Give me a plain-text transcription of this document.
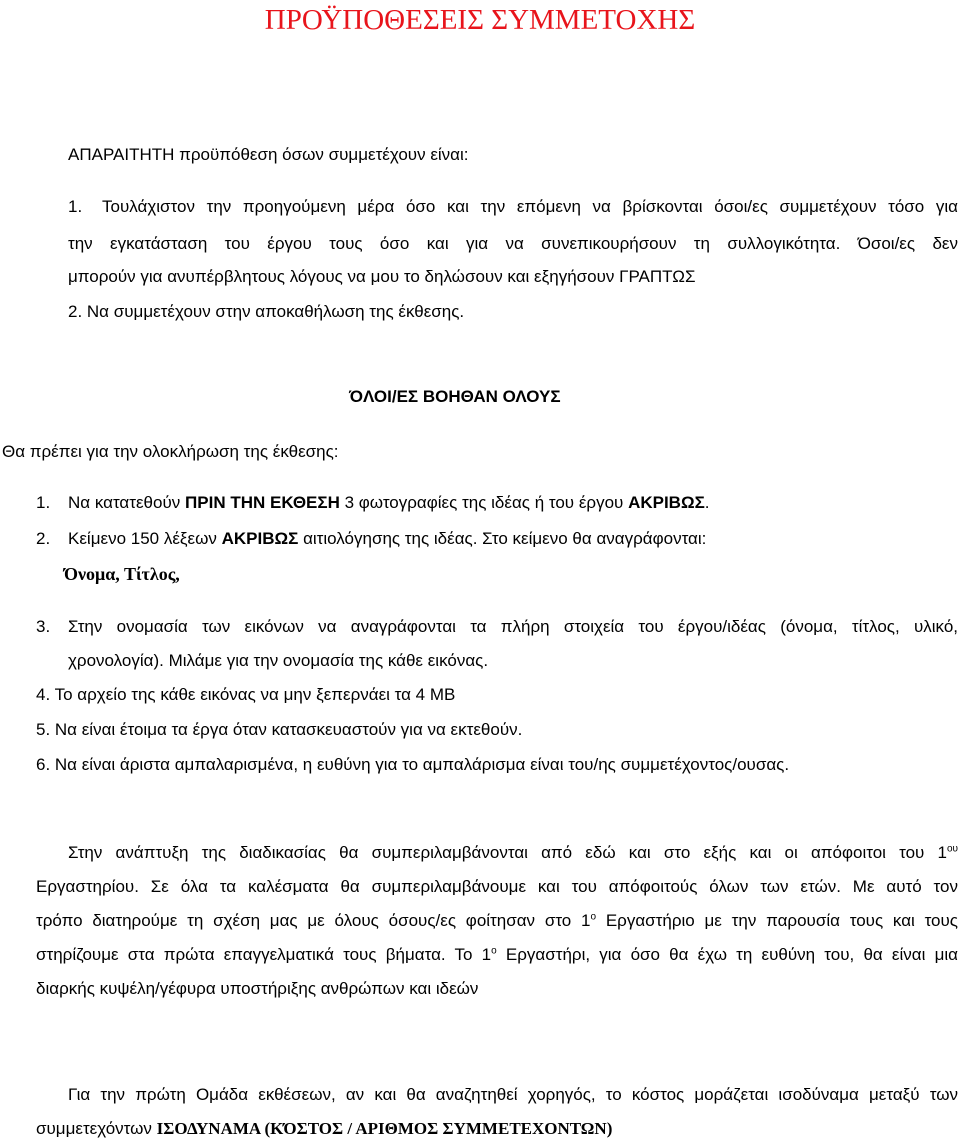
ΠΡΟΫΠΟΘΕΣΕΙΣ ΣΥΜΜΕΤΟΧΗΣ
ΑΠΑΡΑΙΤΗΤΗ προϋπόθεση όσων συμμετέχουν είναι:
1. Τουλάχιστον την προηγούμενη μέρα όσο και την επόμενη να βρίσκονται όσοι/ες συμμετέχουν τόσο για
την εγκατάσταση του έργου τους όσο και για να συνεπικουρήσουν τη συλλογικότητα. Όσοι/ες δεν
μπορούν για ανυπέρβλητους λόγους να μου το δηλώσουν και εξηγήσουν ΓΡΑΠΤΩΣ
2. Να συμμετέχουν στην αποκαθήλωση της έκθεσης.
ΌΛΟΙ/ΕΣ ΒΟΗΘΑΝ ΟΛΟΥΣ
Θα πρέπει για την ολοκλήρωση της έκθεσης:
1. Να κατατεθούν ΠΡΙΝ ΤΗΝ ΕΚΘΕΣΗ 3 φωτογραφίες της ιδέας ή του έργου ΑΚΡΙΒΩΣ.
2. Κείμενο 150 λέξεων ΑΚΡΙΒΩΣ αιτιολόγησης της ιδέας. Στο κείμενο θα αναγράφονται:
Όνομα, Τίτλος,
3. Στην ονομασία των εικόνων να αναγράφονται τα πλήρη στοιχεία του έργου/ιδέας (όνομα, τίτλος, υλικό,
χρονολογία). Μιλάμε για την ονομασία της κάθε εικόνας.
4. Το αρχείο της κάθε εικόνας να μην ξεπερνάει τα 4 MB
5. Να είναι έτοιμα τα έργα όταν κατασκευαστούν για να εκτεθούν.
6. Να είναι άριστα αμπαλαρισμένα, η ευθύνη για το αμπαλάρισμα είναι του/ης συμμετέχοντος/ουσας.
Στην ανάπτυξη της διαδικασίας θα συμπεριλαμβάνονται από εδώ και στο εξής και οι απόφοιτοι του $1^{o\upsilon}$
Εργαστηρίου. Σε όλα τα καλέσματα θα συμπεριλαμβάνουμε και του απόφοιτούς όλων των ετών. Με αυτό τον
τρόπο διατηρούμε τη σχέση μας με όλους όσους/ες φοίτησαν στο $1^o$ Εργαστήριο με την παρουσία τους και τους
στηρίζουμε στα πρώτα επαγγελματικά τους βήματα. Το $1^o$ Εργαστήρι, για όσο θα έχω τη ευθύνη του, θα είναι μια
διαρκής κυψέλη/γέφυρα υποστήριξης ανθρώπων και ιδεών
Για την πρώτη Ομάδα εκθέσεων, αν και θα αναζητηθεί χορηγός, το κόστος μοράζεται ισοδύναμα μεταξύ των
συμμετεχόντων ΙΣΟΔΥΝΑΜΑ (ΚΌΣΤΟΣ / ΑΡΙΘΜΟΣ ΣΥΜΜΕΤΕΧΟΝΤΩΝ)
